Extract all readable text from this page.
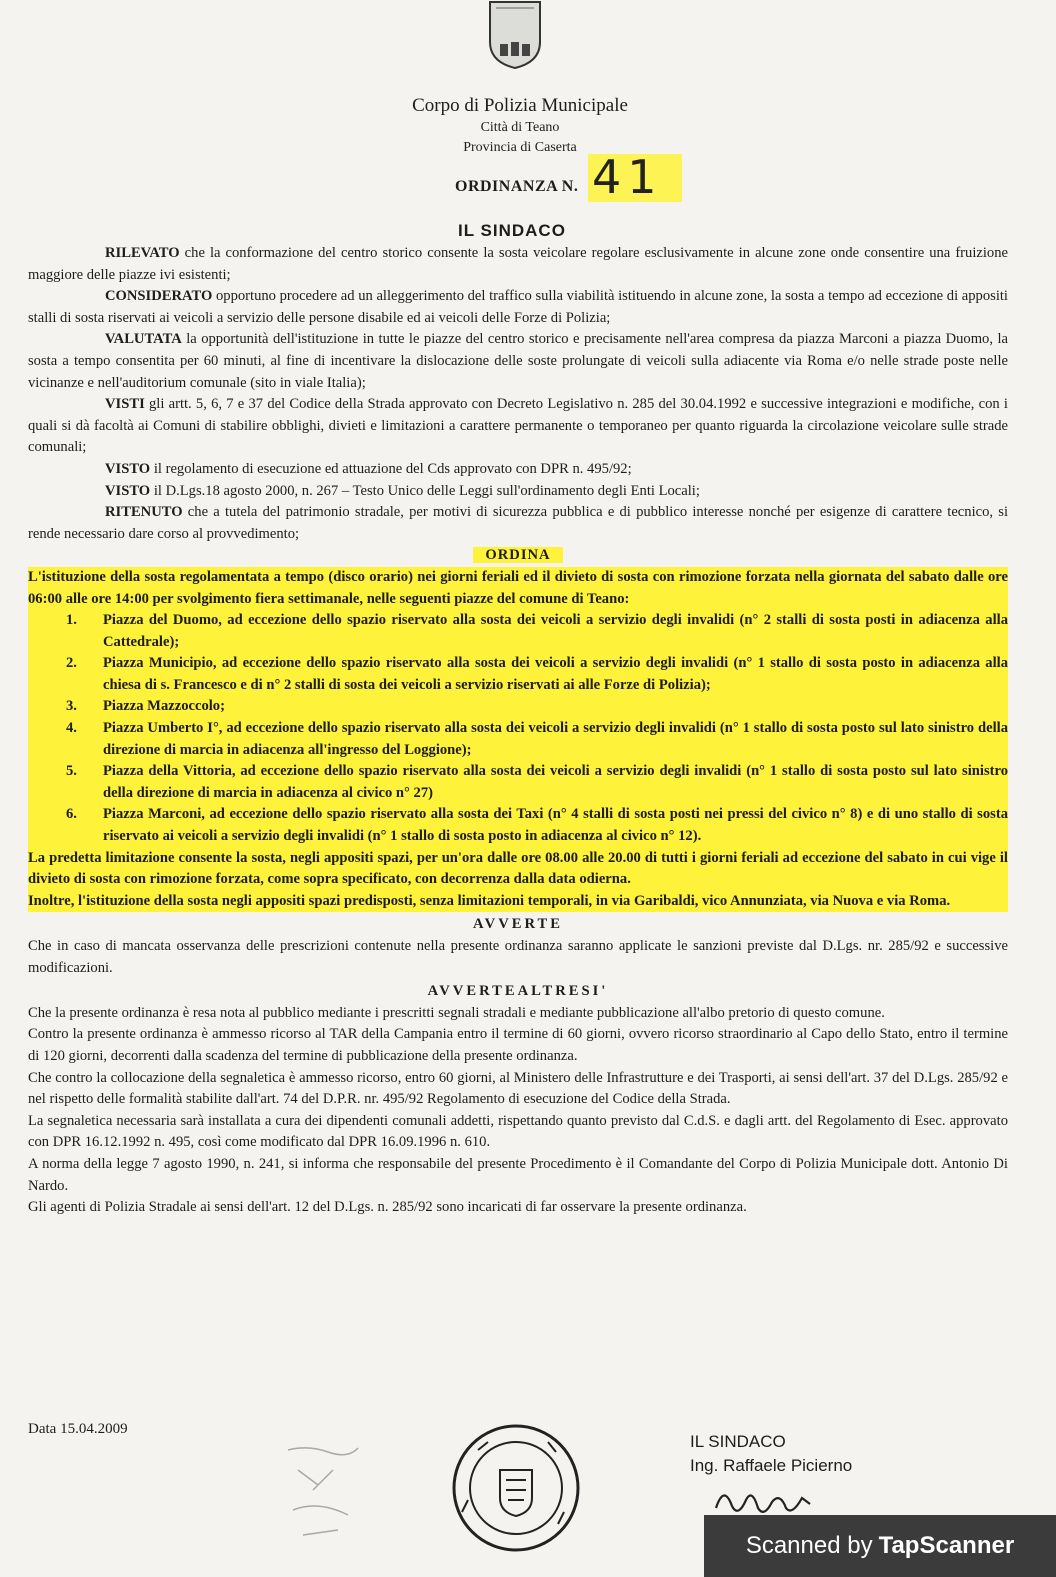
Corpo di Polizia Municipale
Città di Teano
Provincia di Caserta
ORDINANZA N. 41
IL SINDACO

RILEVATO che la conformazione del centro storico consente la sosta veicolare regolare esclusivamente in alcune zone onde consentire una fruizione maggiore delle piazze ivi esistenti;

CONSIDERATO opportuno procedere ad un alleggerimento del traffico sulla viabilità istituendo in alcune zone, la sosta a tempo ad eccezione di appositi stalli di sosta riservati ai veicoli a servizio delle persone disabile ed ai veicoli delle Forze di Polizia;

VALUTATA la opportunità dell'istituzione in tutte le piazze del centro storico e precisamente nell'area compresa da piazza Marconi a piazza Duomo, la sosta a tempo consentita per 60 minuti, al fine di incentivare la dislocazione delle soste prolungate di veicoli sulla adiacente via Roma e/o nelle strade poste nelle vicinanze e nell'auditorium comunale (sito in viale Italia);

VISTI gli artt. 5, 6, 7 e 37 del Codice della Strada approvato con Decreto Legislativo n. 285 del 30.04.1992 e successive integrazioni e modifiche, con i quali si dà facoltà ai Comuni di stabilire obblighi, divieti e limitazioni a carattere permanente o temporaneo per quanto riguarda la circolazione veicolare sulle strade comunali;

VISTO il regolamento di esecuzione ed attuazione del Cds approvato con DPR n. 495/92;

VISTO il D.Lgs.18 agosto 2000, n. 267 – Testo Unico delle Leggi sull'ordinamento degli Enti Locali;

RITENUTO che a tutela del patrimonio stradale, per motivi di sicurezza pubblica e di pubblico interesse nonché per esigenze di carattere tecnico, si rende necessario dare corso al provvedimento;

ORDINA

L'istituzione della sosta regolamentata a tempo (disco orario) nei giorni feriali ed il divieto di sosta con rimozione forzata nella giornata del sabato dalle ore 06:00 alle ore 14:00 per svolgimento fiera settimanale, nelle seguenti piazze del comune di Teano:

1. Piazza del Duomo, ad eccezione dello spazio riservato alla sosta dei veicoli a servizio degli invalidi (n° 2 stalli di sosta posti in adiacenza alla Cattedrale);
2. Piazza Municipio, ad eccezione dello spazio riservato alla sosta dei veicoli a servizio degli invalidi (n° 1 stallo di sosta posto in adiacenza alla chiesa di s. Francesco e di n° 2 stalli di sosta dei veicoli a servizio riservati ai alle Forze di Polizia);
3. Piazza Mazzoccolo;
4. Piazza Umberto I°, ad eccezione dello spazio riservato alla sosta dei veicoli a servizio degli invalidi (n° 1 stallo di sosta posto sul lato sinistro della direzione di marcia in adiacenza all'ingresso del Loggione);
5. Piazza della Vittoria, ad eccezione dello spazio riservato alla sosta dei veicoli a servizio degli invalidi (n° 1 stallo di sosta posto sul lato sinistro della direzione di marcia in adiacenza al civico n° 27)
6. Piazza Marconi, ad eccezione dello spazio riservato alla sosta dei Taxi (n° 4 stalli di sosta posti nei pressi del civico n° 8) e di uno stallo di sosta riservato ai veicoli a servizio degli invalidi (n° 1 stallo di sosta posto in adiacenza al civico n° 12).

La predetta limitazione consente la sosta, negli appositi spazi, per un'ora dalle ore 08.00 alle 20.00 di tutti i giorni feriali ad eccezione del sabato in cui vige il divieto di sosta con rimozione forzata, come sopra specificato, con decorrenza dalla data odierna.

Inoltre, l'istituzione della sosta negli appositi spazi predisposti, senza limitazioni temporali, in via Garibaldi, vico Annunziata, via Nuova e via Roma.

AVVERTE

Che in caso di mancata osservanza delle prescrizioni contenute nella presente ordinanza saranno applicate le sanzioni previste dal D.Lgs. nr. 285/92 e successive modificazioni.

AVVERTEALTRESI'

Che la presente ordinanza è resa nota al pubblico mediante i prescritti segnali stradali e mediante pubblicazione all'albo pretorio di questo comune.

Contro la presente ordinanza è ammesso ricorso al TAR della Campania entro il termine di 60 giorni, ovvero ricorso straordinario al Capo dello Stato, entro il termine di 120 giorni, decorrenti dalla scadenza del termine di pubblicazione della presente ordinanza.

Che contro la collocazione della segnaletica è ammesso ricorso, entro 60 giorni, al Ministero delle Infrastrutture e dei Trasporti, ai sensi dell'art. 37 del D.Lgs. 285/92 e nel rispetto delle formalità stabilite dall'art. 74 del D.P.R. nr. 495/92 Regolamento di esecuzione del Codice della Strada.

La segnaletica necessaria sarà installata a cura dei dipendenti comunali addetti, rispettando quanto previsto dal C.d.S. e dagli artt. del Regolamento di Esec. approvato con DPR 16.12.1992 n. 495, così come modificato dal DPR 16.09.1996 n. 610.

A norma della legge 7 agosto 1990, n. 241, si informa che responsabile del presente Procedimento è il Comandante del Corpo di Polizia Municipale dott. Antonio Di Nardo.

Gli agenti di Polizia Stradale ai sensi dell'art. 12 del D.Lgs. n. 285/92 sono incaricati di far osservare la presente ordinanza.

Data 15.04.2009
IL SINDACO
Ing. Raffaele Picierno
Scanned by TapScanner
